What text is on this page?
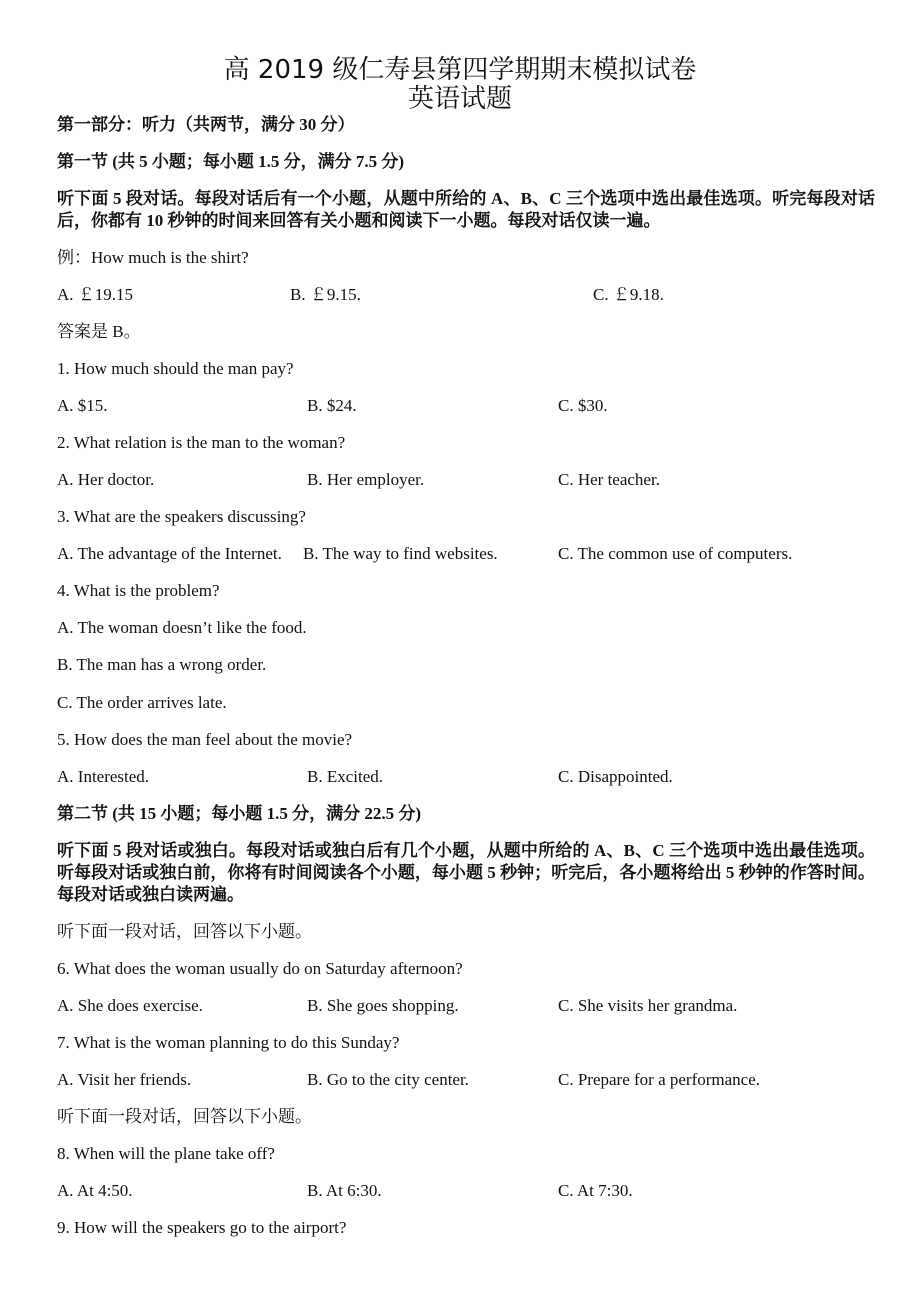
高 2019 级仁寿县第四学期期末模拟试卷
英语试题
第一部分：听力（共两节，满分 30 分）
第一节 (共 5 小题；每小题 1.5 分，满分 7.5 分)
听下面 5 段对话。每段对话后有一个小题，从题中所给的 A、B、C 三个选项中选出最佳选项。听完每段对话后，你都有 10 秒钟的时间来回答有关小题和阅读下一小题。每段对话仅读一遍。
例：How much is the shirt?
A. ￡19.15	B. ￡9.15.	C. ￡9.18.
答案是 B。
1. How much should the man pay?
A. $15.	B. $24.	C. $30.
2. What relation is the man to the woman?
A. Her doctor.	B. Her employer.	C. Her teacher.
3. What are the speakers discussing?
A. The advantage of the Internet. B. The way to find websites.	C. The common use of computers.
4. What is the problem?
A. The woman doesn’t like the food.
B. The man has a wrong order.
C. The order arrives late.
5. How does the man feel about the movie?
A. Interested.	B. Excited.	C. Disappointed.
第二节 (共 15 小题；每小题 1.5 分，满分 22.5 分)
听下面 5 段对话或独白。每段对话或独白后有几个小题，从题中所给的 A、B、C 三个选项中选出最佳选项。听每段对话或独白前，你将有时间阅读各个小题，每小题 5 秒钟；听完后，各小题将给出 5 秒钟的作答时间。每段对话或独白读两遍。
听下面一段对话，回答以下小题。
6. What does the woman usually do on Saturday afternoon?
A. She does exercise.	B. She goes shopping.	C. She visits her grandma.
7. What is the woman planning to do this Sunday?
A. Visit her friends.	B. Go to the city center.	C. Prepare for a performance.
听下面一段对话，回答以下小题。
8. When will the plane take off?
A. At 4:50.	B. At 6:30.	C. At 7:30.
9. How will the speakers go to the airport?
